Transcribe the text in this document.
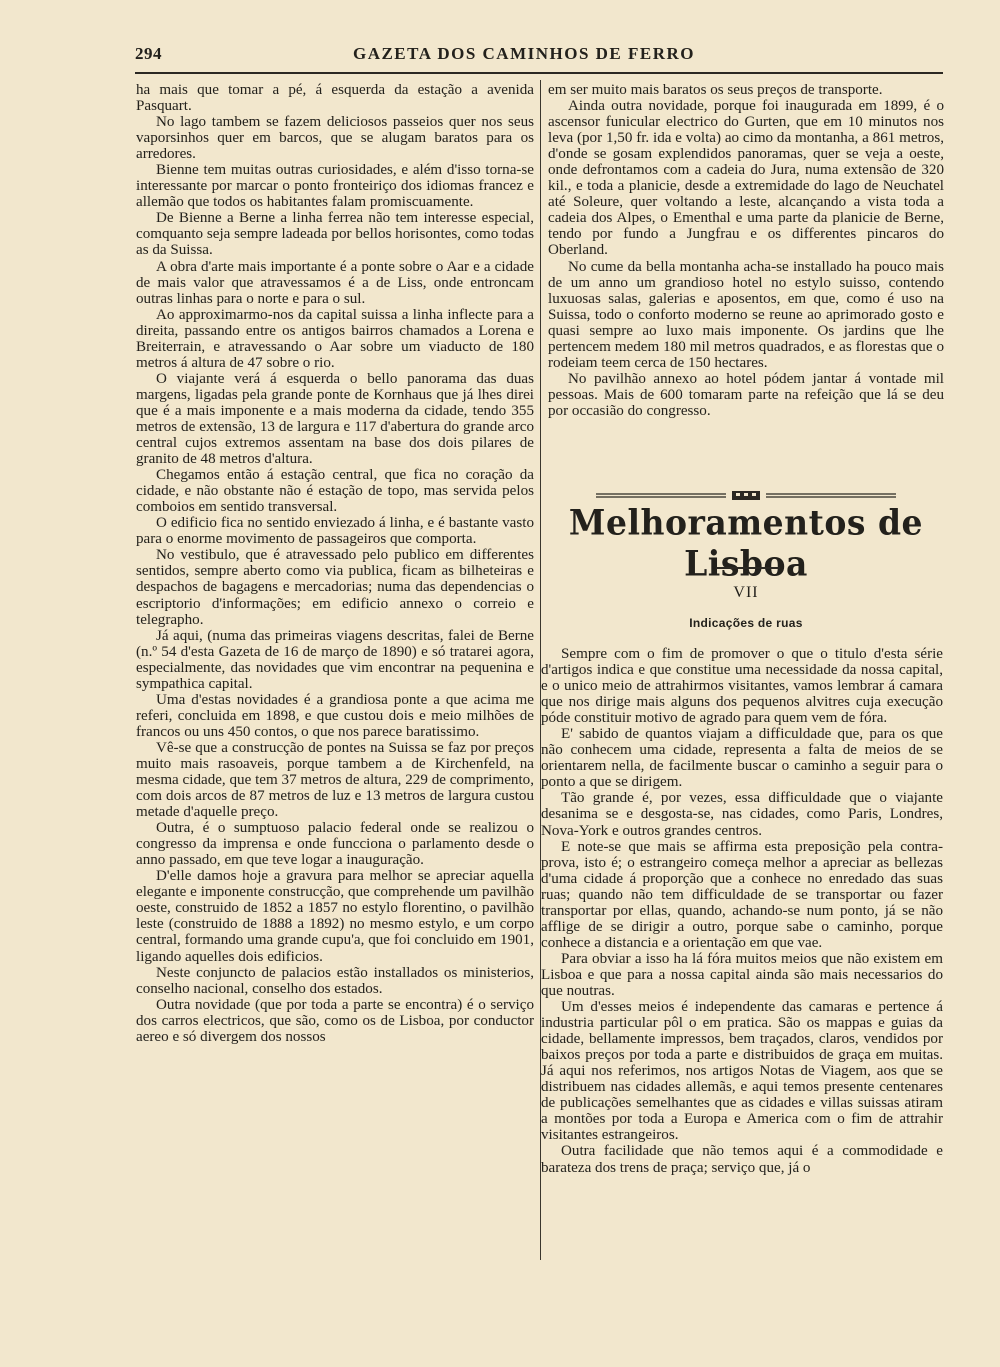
294	GAZETA DOS CAMINHOS DE FERRO

ha mais que tomar a pé, á esquerda da estação a avenida Pasquart.

No lago tambem se fazem deliciosos passeios quer nos seus vaporsinhos quer em barcos, que se alugam baratos para os arredores.

Bienne tem muitas outras curiosidades, e além d'isso torna-se interessante por marcar o ponto fronteiriço dos idiomas francez e allemão que todos os habitantes falam promiscuamente.

De Bienne a Berne a linha ferrea não tem interesse especial, comquanto seja sempre ladeada por bellos horisontes, como todas as da Suissa.

A obra d'arte mais importante é a ponte sobre o Aar e a cidade de mais valor que atravessamos é a de Liss, onde entroncam outras linhas para o norte e para o sul.

Ao approximarmo-nos da capital suissa a linha inflecte para a direita, passando entre os antigos bairros chamados a Lorena e Breiterrain, e atravessando o Aar sobre um viaducto de 180 metros á altura de 47 sobre o rio.

O viajante verá á esquerda o bello panorama das duas margens, ligadas pela grande ponte de Kornhaus que já lhes direi que é a mais imponente e a mais moderna da cidade, tendo 355 metros de extensão, 13 de largura e 117 d'abertura do grande arco central cujos extremos assentam na base dos dois pilares de granito de 48 metros d'altura.

Chegamos então á estação central, que fica no coração da cidade, e não obstante não é estação de topo, mas servida pelos comboios em sentido transversal.

O edificio fica no sentido enviezado á linha, e é bastante vasto para o enorme movimento de passageiros que comporta.

No vestibulo, que é atravessado pelo publico em differentes sentidos, sempre aberto como via publica, ficam as bilheteiras e despachos de bagagens e mercadorias; numa das dependencias o escriptorio d'informações; em edificio annexo o correio e telegrapho.

Já aqui, (numa das primeiras viagens descritas, falei de Berne (n.º 54 d'esta Gazeta de 16 de março de 1890) e só tratarei agora, especialmente, das novidades que vim encontrar na pequenina e sympathica capital.

Uma d'estas novidades é a grandiosa ponte a que acima me referi, concluida em 1898, e que custou dois e meio milhões de francos ou uns 450 contos, o que nos parece baratissimo.

Vê-se que a construcção de pontes na Suissa se faz por preços muito mais rasoaveis, porque tambem a de Kirchenfeld, na mesma cidade, que tem 37 metros de altura, 229 de comprimento, com dois arcos de 87 metros de luz e 13 metros de largura custou metade d'aquelle preço.

Outra, é o sumptuoso palacio federal onde se realizou o congresso da imprensa e onde funcciona o parlamento desde o anno passado, em que teve logar a inauguração.

D'elle damos hoje a gravura para melhor se apreciar aquella elegante e imponente construcção, que comprehende um pavilhão oeste, construido de 1852 a 1857 no estylo florentino, o pavilhão leste (construido de 1888 a 1892) no mesmo estylo, e um corpo central, formando uma grande cupu'a, que foi concluido em 1901, ligando aquelles dois edificios.

Neste conjuncto de palacios estão installados os ministerios, conselho nacional, conselho dos estados.

Outra novidade (que por toda a parte se encontra) é o serviço dos carros electricos, que são, como os de Lisboa, por conductor aereo e só divergem dos nossos

em ser muito mais baratos os seus preços de transporte.

Ainda outra novidade, porque foi inaugurada em 1899, é o ascensor funicular electrico do Gurten, que em 10 minutos nos leva (por 1,50 fr. ida e volta) ao cimo da montanha, a 861 metros, d'onde se gosam explendidos panoramas, quer se veja a oeste, onde defrontamos com a cadeia do Jura, numa extensão de 320 kil., e toda a planicie, desde a extremidade do lago de Neuchatel até Soleure, quer voltando a leste, alcançando a vista toda a cadeia dos Alpes, o Ementhal e uma parte da planicie de Berne, tendo por fundo a Jungfrau e os differentes pincaros do Oberland.

No cume da bella montanha acha-se installado ha pouco mais de um anno um grandioso hotel no estylo suisso, contendo luxuosas salas, galerias e aposentos, em que, como é uso na Suissa, todo o conforto moderno se reune ao aprimorado gosto e quasi sempre ao luxo mais imponente. Os jardins que lhe pertencem medem 180 mil metros quadrados, e as florestas que o rodeiam teem cerca de 150 hectares.

No pavilhão annexo ao hotel pódem jantar á vontade mil pessoas. Mais de 600 tomaram parte na refeição que lá se deu por occasião do congresso.

Melhoramentos de Lisboa
VII
Indicações de ruas

Sempre com o fim de promover o que o titulo d'esta série d'artigos indica e que constitue uma necessidade da nossa capital, e o unico meio de attrahirmos visitantes, vamos lembrar á camara que nos dirige mais alguns dos pequenos alvitres cuja execução póde constituir motivo de agrado para quem vem de fóra.

E' sabido de quantos viajam a difficuldade que, para os que não conhecem uma cidade, representa a falta de meios de se orientarem nella, de facilmente buscar o caminho a seguir para o ponto a que se dirigem.

Tão grande é, por vezes, essa difficuldade que o viajante desanima se e desgosta-se, nas cidades, como Paris, Londres, Nova-York e outros grandes centros.

E note-se que mais se affirma esta preposição pela contra-prova, isto é; o estrangeiro começa melhor a apreciar as bellezas d'uma cidade á proporção que a conhece no enredado das suas ruas; quando não tem difficuldade de se transportar ou fazer transportar por ellas, quando, achando-se num ponto, já se não afflige de se dirigir a outro, porque sabe o caminho, porque conhece a distancia e a orientação em que vae.

Para obviar a isso ha lá fóra muitos meios que não existem em Lisboa e que para a nossa capital ainda são mais necessarios do que noutras.

Um d'esses meios é independente das camaras e pertence á industria particular pôl o em pratica. São os mappas e guias da cidade, bellamente impressos, bem traçados, claros, vendidos por baixos preços por toda a parte e distribuidos de graça em muitas. Já aqui nos referimos, nos artigos Notas de Viagem, aos que se distribuem nas cidades allemãs, e aqui temos presente centenares de publicações semelhantes que as cidades e villas suissas atiram a montões por toda a Europa e America com o fim de attrahir visitantes estrangeiros.

Outra facilidade que não temos aqui é a commodidade e barateza dos trens de praça; serviço que, já o
